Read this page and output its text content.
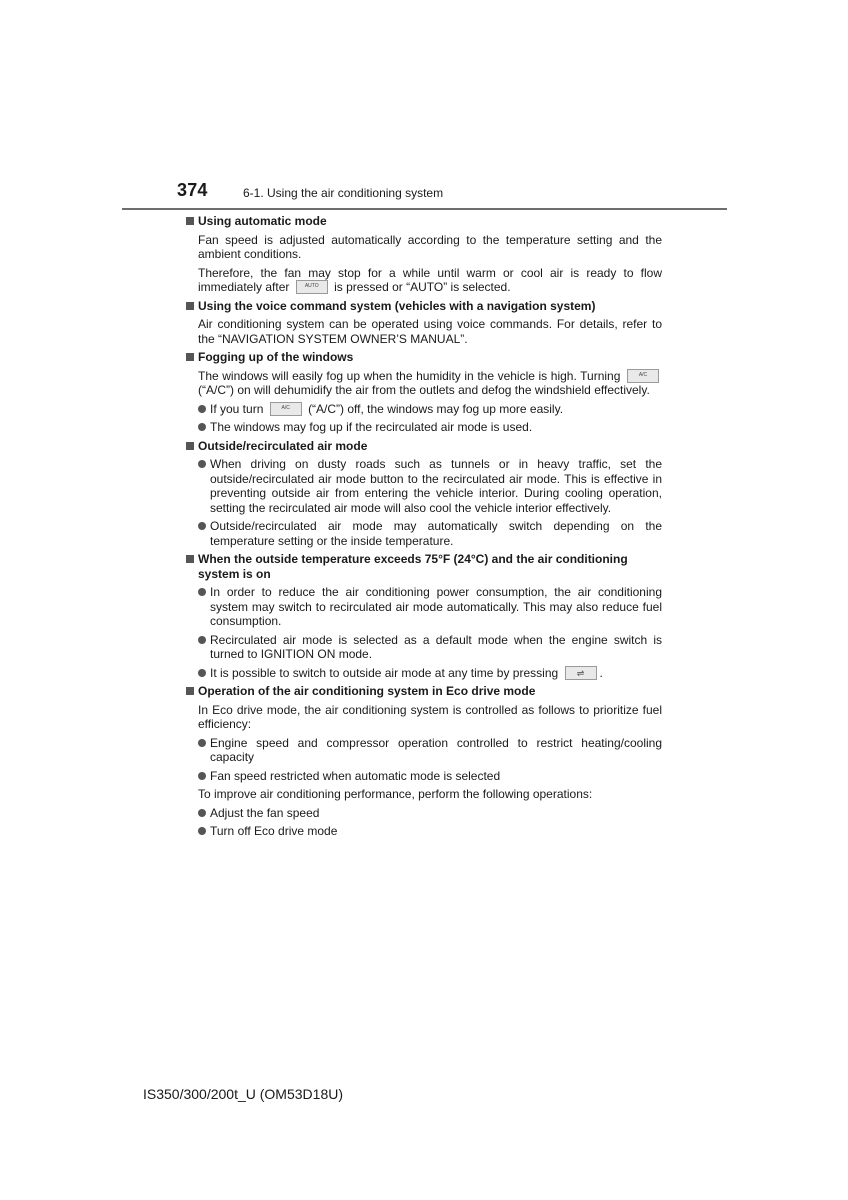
374	6-1. Using the air conditioning system
Using automatic mode
Fan speed is adjusted automatically according to the temperature setting and the ambient conditions.
Therefore, the fan may stop for a while until warm or cool air is ready to flow immediately after	AUTO	is pressed or “AUTO” is selected.
Using the voice command system (vehicles with a navigation system)
Air conditioning system can be operated using voice commands. For details, refer to the “NAVIGATION SYSTEM OWNER’S MANUAL”.
Fogging up of the windows
The windows will easily fog up when the humidity in the vehicle is high. Turning	A/C
(“A/C”) on will dehumidify the air from the outlets and defog the windshield effectively.
If you turn	A/C	(“A/C”) off, the windows may fog up more easily.
The windows may fog up if the recirculated air mode is used.
Outside/recirculated air mode
When driving on dusty roads such as tunnels or in heavy traffic, set the outside/recirculated air mode button to the recirculated air mode. This is effective in preventing outside air from entering the vehicle interior. During cooling operation, setting the recirculated air mode will also cool the vehicle interior effectively.
Outside/recirculated air mode may automatically switch depending on the temperature setting or the inside temperature.
When the outside temperature exceeds 75°F (24°C) and the air conditioning system is on
In order to reduce the air conditioning power consumption, the air conditioning system may switch to recirculated air mode automatically. This may also reduce fuel consumption.
Recirculated air mode is selected as a default mode when the engine switch is turned to IGNITION ON mode.
It is possible to switch to outside air mode at any time by pressing	⇌	.
Operation of the air conditioning system in Eco drive mode
In Eco drive mode, the air conditioning system is controlled as follows to prioritize fuel efficiency:
Engine speed and compressor operation controlled to restrict heating/cooling capacity
Fan speed restricted when automatic mode is selected
To improve air conditioning performance, perform the following operations:
Adjust the fan speed
Turn off Eco drive mode
IS350/300/200t_U (OM53D18U)
